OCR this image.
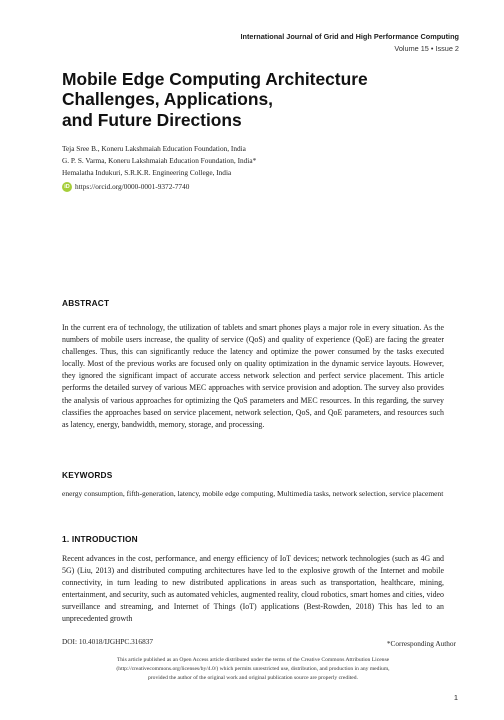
International Journal of Grid and High Performance Computing
Volume 15 • Issue 2
Mobile Edge Computing Architecture
Challenges, Applications,
and Future Directions
Teja Sree B., Koneru Lakshmaiah Education Foundation, India
G. P. S. Varma, Koneru Lakshmaiah Education Foundation, India*
Hemalatha Indukuri, S.R.K.R. Engineering College, India
iD https://orcid.org/0000-0001-9372-7740
ABSTRACT

In the current era of technology, the utilization of tablets and smart phones plays a major role in every situation. As the numbers of mobile users increase, the quality of service (QoS) and quality of experience (QoE) are facing the greater challenges. Thus, this can significantly reduce the latency and optimize the power consumed by the tasks executed locally. Most of the previous works are focused only on quality optimization in the dynamic service layouts. However, they ignored the significant impact of accurate access network selection and perfect service placement. This article performs the detailed survey of various MEC approaches with service provision and adoption. The survey also provides the analysis of various approaches for optimizing the QoS parameters and MEC resources. In this regarding, the survey classifies the approaches based on service placement, network selection, QoS, and QoE parameters, and resources such as latency, energy, bandwidth, memory, storage, and processing.

KEYWORDS

energy consumption, fifth-generation, latency, mobile edge computing, Multimedia tasks, network selection, service placement

1. INTRODUCTION

Recent advances in the cost, performance, and energy efficiency of IoT devices; network technologies (such as 4G and 5G) (Liu, 2013) and distributed computing architectures have led to the explosive growth of the Internet and mobile connectivity, in turn leading to new distributed applications in areas such as transportation, healthcare, mining, entertainment, and security, such as automated vehicles, augmented reality, cloud robotics, smart homes and cities, video surveillance and streaming, and Internet of Things (IoT) applications (Best-Rowden, 2018) This has led to an unprecedented growth

DOI: 10.4018/IJGHPC.316837	*Corresponding Author
This article published as an Open Access article distributed under the terms of the Creative Commons Attribution License
(http://creativecommons.org/licenses/by/4.0/) which permits unrestricted use, distribution, and production in any medium,
provided the author of the original work and original publication source are properly credited.
1
